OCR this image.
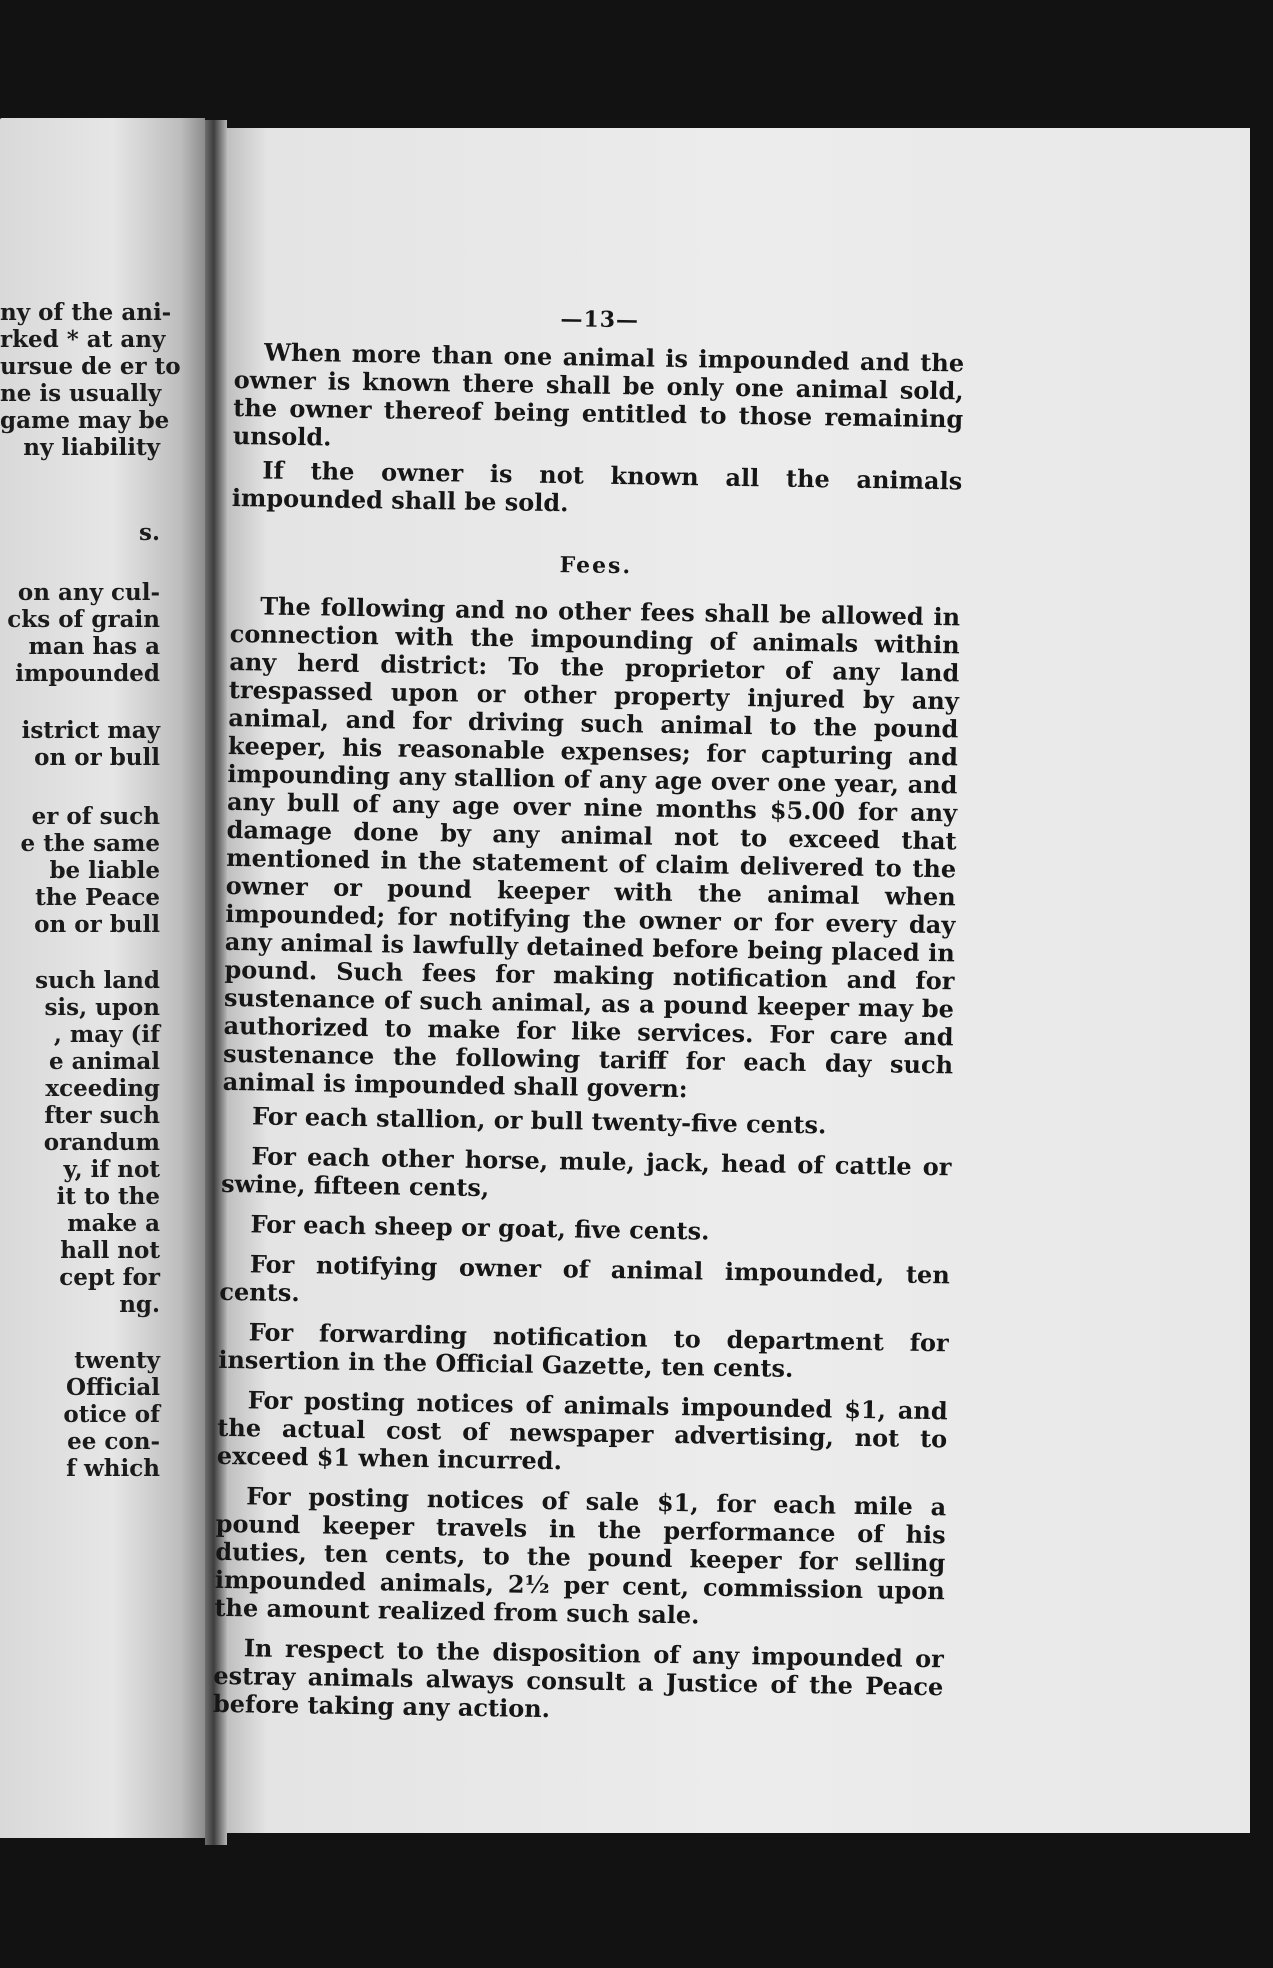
ny of the ani-
rked * at any
ursue de er to
ne is usually
game may be
ny liability
s.
on any cul-
cks of grain
man has a
impounded
istrict may
on or bull
er of such
e the same
be liable
the Peace
on or bull
such land
sis, upon
, may (if
e animal
xceeding
fter such
orandum
y, if not
it to the
make a
hall not
cept for
ng.
twenty
Official
otice of
ee con-
f which
—13—

When more than one animal is impounded and the owner is known there shall be only one animal sold, the owner thereof being entitled to those remaining unsold.

If the owner is not known all the animals impounded shall be sold.

Fees.

The following and no other fees shall be allowed in connection with the impounding of animals within any herd district: To the proprietor of any land trespassed upon or other property injured by any animal, and for driving such animal to the pound keeper, his reasonable expenses; for capturing and impounding any stallion of any age over one year, and any bull of any age over nine months $5.00 for any damage done by any animal not to exceed that mentioned in the statement of claim delivered to the owner or pound keeper with the animal when impounded; for notifying the owner or for every day any animal is lawfully detained before being placed in pound. Such fees for making notification and for sustenance of such animal, as a pound keeper may be authorized to make for like services. For care and sustenance the following tariff for each day such animal is impounded shall govern:

For each stallion, or bull twenty-five cents.

For each other horse, mule, jack, head of cattle or swine, fifteen cents,

For each sheep or goat, five cents.

For notifying owner of animal impounded, ten cents.

For forwarding notification to department for insertion in the Official Gazette, ten cents.

For posting notices of animals impounded $1, and the actual cost of newspaper advertising, not to exceed $1 when incurred.

For posting notices of sale $1, for each mile a pound keeper travels in the performance of his duties, ten cents, to the pound keeper for selling impounded animals, 2½ per cent, commission upon the amount realized from such sale.

In respect to the disposition of any impounded or estray animals always consult a Justice of the Peace before taking any action.
